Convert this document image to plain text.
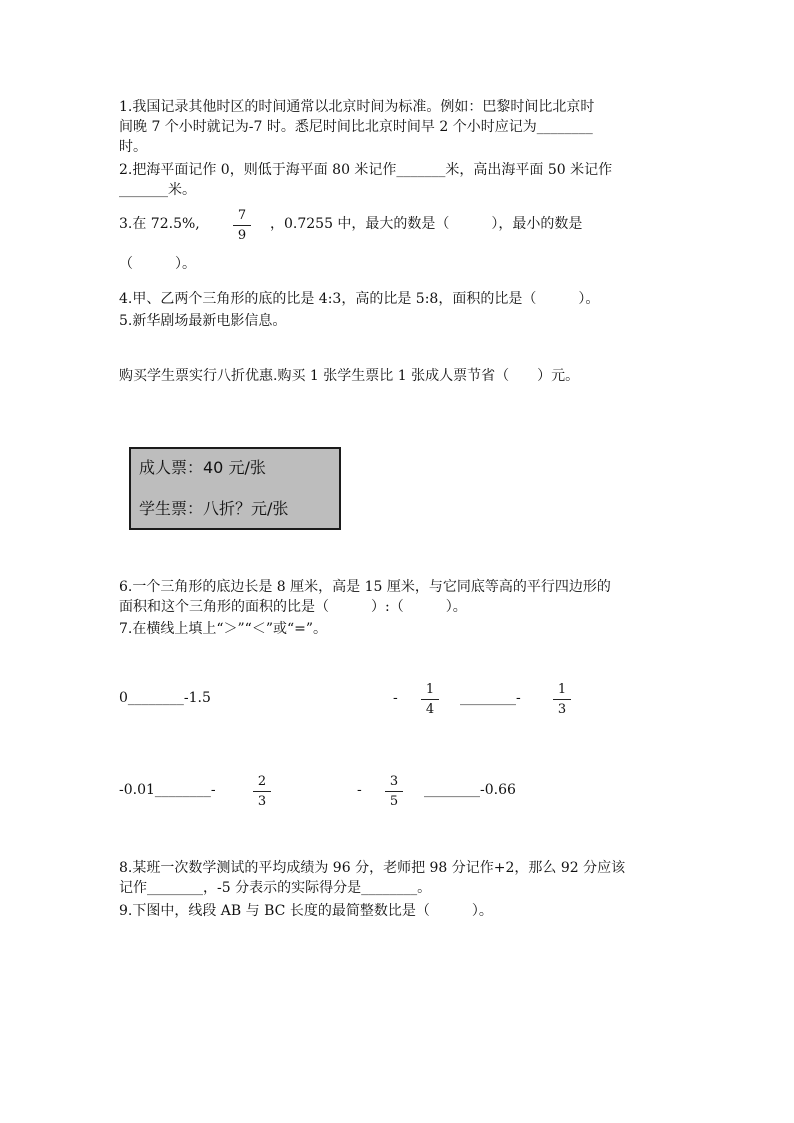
1.我国记录其他时区的时间通常以北京时间为标准。例如：巴黎时间比北京时
间晚 7 个小时就记为-7 时。悉尼时间比北京时间早 2 个小时应记为________
时。
2.把海平面记作 0，则低于海平面 80 米记作_______米，高出海平面 50 米记作
_______米。
3.在 72.5%,
7
9
，0.7255 中，最大的数是（　　　），最小的数是
（　　　）。
4.甲、乙两个三角形的底的比是 4:3，高的比是 5:8，面积的比是（　　　）。
5.新华剧场最新电影信息。
购买学生票实行八折优惠.购买 1 张学生票比 1 张成人票节省（　　）元。
成人票：40 元/张
学生票：八折？元/张
6.一个三角形的底边长是 8 厘米，高是 15 厘米，与它同底等高的平行四边形的
面积和这个三角形的面积的比是（　　　）:（　　　）。
7.在横线上填上“＞”“＜”或“=”。
0________-1.5	-
1
4
________-
1
3
-0.01________-
2
3
-
3
5
________-0.66
8.某班一次数学测试的平均成绩为 96 分，老师把 98 分记作+2，那么 92 分应该
记作________，-5 分表示的实际得分是________。
9.下图中，线段 AB 与 BC 长度的最简整数比是（　　　）。
